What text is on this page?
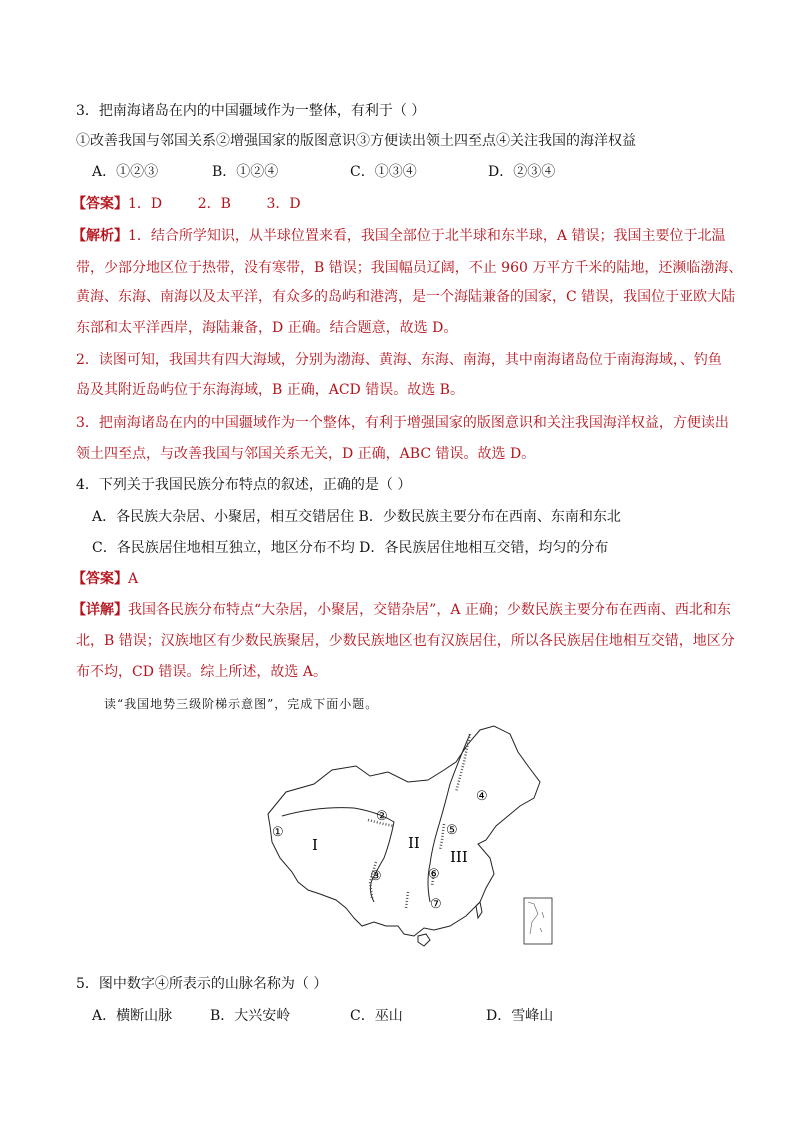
3．把南海诸岛在内的中国疆域作为一整体，有利于（ ）
①改善我国与邻国关系②增强国家的版图意识③方便读出领土四至点④关注我国的海洋权益
A．①②③	B．①②④	C．①③④	D．②③④
【答案】1．D        2．B        3．D
【解析】1．结合所学知识，从半球位置来看，我国全部位于北半球和东半球，A 错误；我国主要位于北温
带，少部分地区位于热带，没有寒带，B 错误；我国幅员辽阔，不止 960 万平方千米的陆地，还濒临渤海、
黄海、东海、南海以及太平洋，有众多的岛屿和港湾，是一个海陆兼备的国家，C 错误，我国位于亚欧大陆
东部和太平洋西岸，海陆兼备，D 正确。结合题意，故选 D。
2．读图可知，我国共有四大海域，分别为渤海、黄海、东海、南海，其中南海诸岛位于南海海域，、钓鱼
岛及其附近岛屿位于东海海域，B 正确，ACD 错误。故选 B。
3．把南海诸岛在内的中国疆域作为一个整体，有利于增强国家的版图意识和关注我国海洋权益，方便读出
领土四至点，与改善我国与邻国关系无关，D 正确，ABC 错误。故选 D。
4．下列关于我国民族分布特点的叙述，正确的是（ ）
A．各民族大杂居、小聚居，相互交错居住 B．少数民族主要分布在西南、东南和东北
C．各民族居住地相互独立，地区分布不均 D．各民族居住地相互交错，均匀的分布
【答案】A
【详解】我国各民族分布特点“大杂居，小聚居，交错杂居”，A 正确；少数民族主要分布在西南、西北和东
北，B 错误；汉族地区有少数民族聚居，少数民族地区也有汉族居住，所以各民族居住地相互交错，地区分
布不均，CD 错误。综上所述，故选 A。
读“我国地势三级阶梯示意图”，完成下面小题。
①
②
③
④
⑤
⑥
⑦
I	II
III
5．图中数字④所表示的山脉名称为（ ）
A．横断山脉	B．大兴安岭	C．巫山	D．雪峰山
